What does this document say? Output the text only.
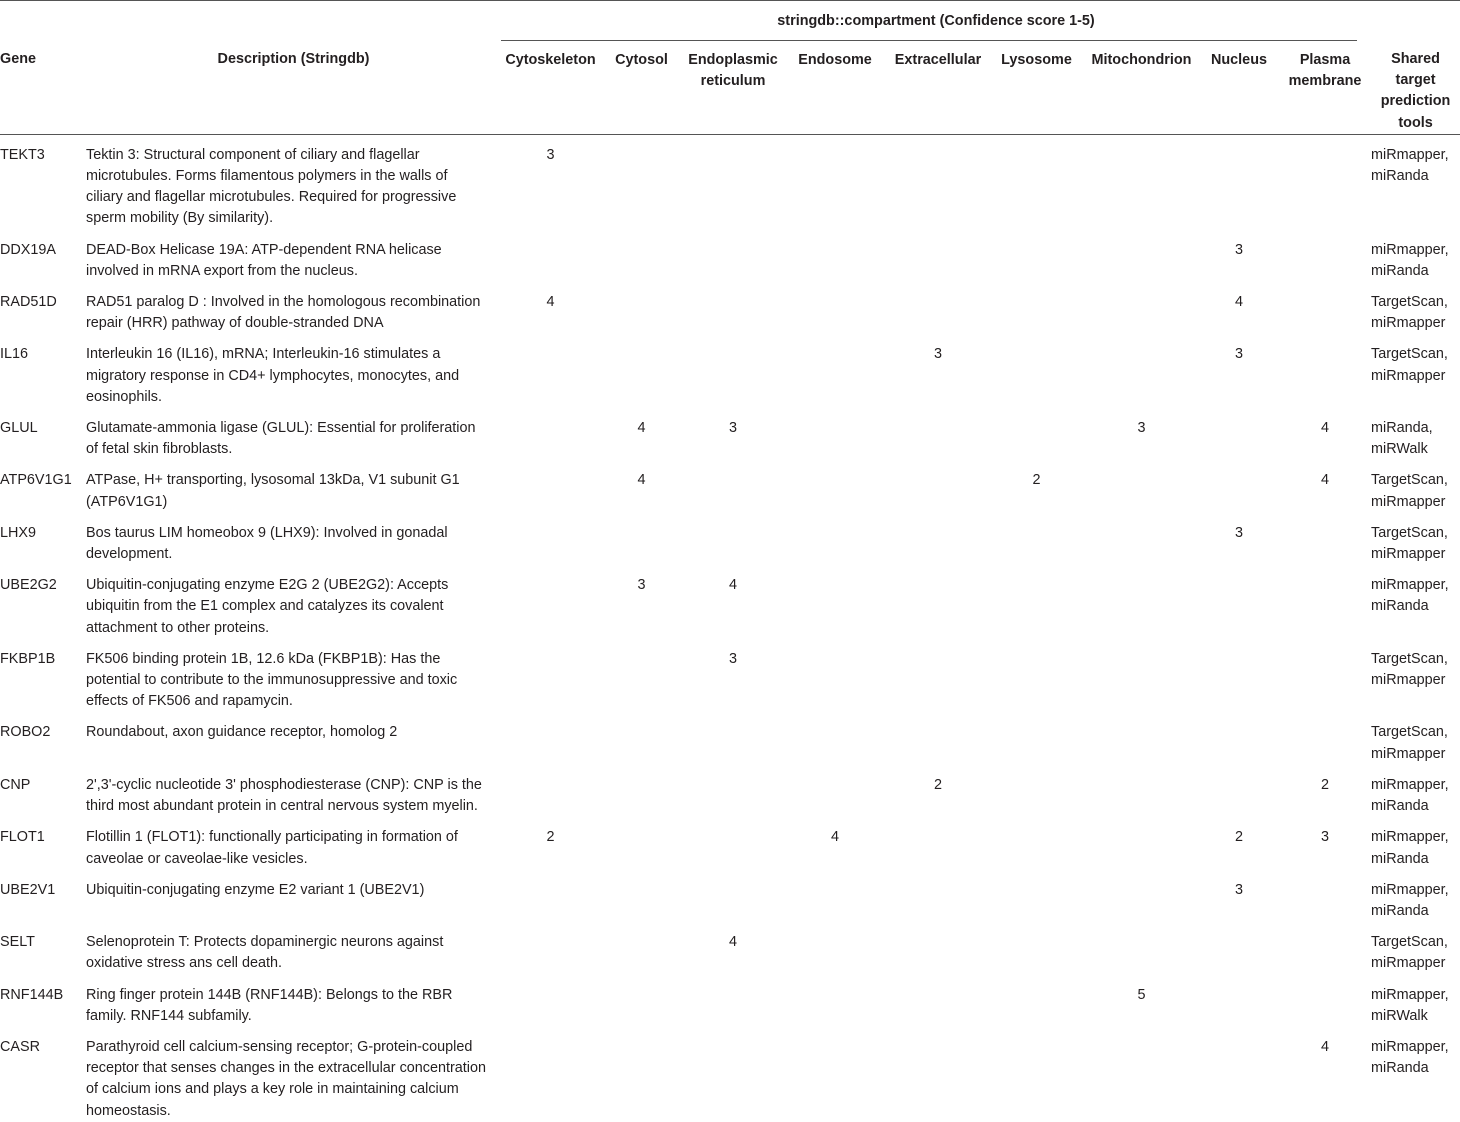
Gene	Description (Stringdb)	stringdb::compartment (Confidence score 1-5)									Shared target prediction tools
		Cytoskeleton	Cytosol	Endoplasmic reticulum	Endosome	Extracellular	Lysosome	Mitochondrion	Nucleus	Plasma membrane	
TEKT3	Tektin 3: Structural component of ciliary and flagellar microtubules. Forms filamentous polymers in the walls of ciliary and flagellar microtubules. Required for progressive sperm mobility (By similarity).	3									miRmapper, miRanda
DDX19A	DEAD-Box Helicase 19A: ATP-dependent RNA helicase involved in mRNA export from the nucleus.								3		miRmapper, miRanda
RAD51D	RAD51 paralog D : Involved in the homologous recombination repair (HRR) pathway of double-stranded DNA	4							4		TargetScan, miRmapper
IL16	Interleukin 16 (IL16), mRNA; Interleukin-16 stimulates a migratory response in CD4+ lymphocytes, monocytes, and eosinophils.					3			3		TargetScan, miRmapper
GLUL	Glutamate-ammonia ligase (GLUL): Essential for proliferation of fetal skin fibroblasts.		4	3				3		4	miRanda, miRWalk
ATP6V1G1	ATPase, H+ transporting, lysosomal 13kDa, V1 subunit G1 (ATP6V1G1)		4				2			4	TargetScan, miRmapper
LHX9	Bos taurus LIM homeobox 9 (LHX9): Involved in gonadal development.								3		TargetScan, miRmapper
UBE2G2	Ubiquitin-conjugating enzyme E2G 2 (UBE2G2): Accepts ubiquitin from the E1 complex and catalyzes its covalent attachment to other proteins.		3	4							miRmapper, miRanda
FKBP1B	FK506 binding protein 1B, 12.6 kDa (FKBP1B): Has the potential to contribute to the immunosuppressive and toxic effects of FK506 and rapamycin.			3							TargetScan, miRmapper
ROBO2	Roundabout, axon guidance receptor, homolog 2										TargetScan, miRmapper
CNP	2',3'-cyclic nucleotide 3' phosphodiesterase (CNP): CNP is the third most abundant protein in central nervous system myelin.					2				2	miRmapper, miRanda
FLOT1	Flotillin 1 (FLOT1): functionally participating in formation of caveolae or caveolae-like vesicles.	2			4				2	3	miRmapper, miRanda
UBE2V1	Ubiquitin-conjugating enzyme E2 variant 1 (UBE2V1)								3		miRmapper, miRanda
SELT	Selenoprotein T: Protects dopaminergic neurons against oxidative stress ans cell death.			4							TargetScan, miRmapper
RNF144B	Ring finger protein 144B (RNF144B): Belongs to the RBR family. RNF144 subfamily.							5			miRmapper, miRWalk
CASR	Parathyroid cell calcium-sensing receptor; G-protein-coupled receptor that senses changes in the extracellular concentration of calcium ions and plays a key role in maintaining calcium homeostasis.									4	miRmapper, miRanda
